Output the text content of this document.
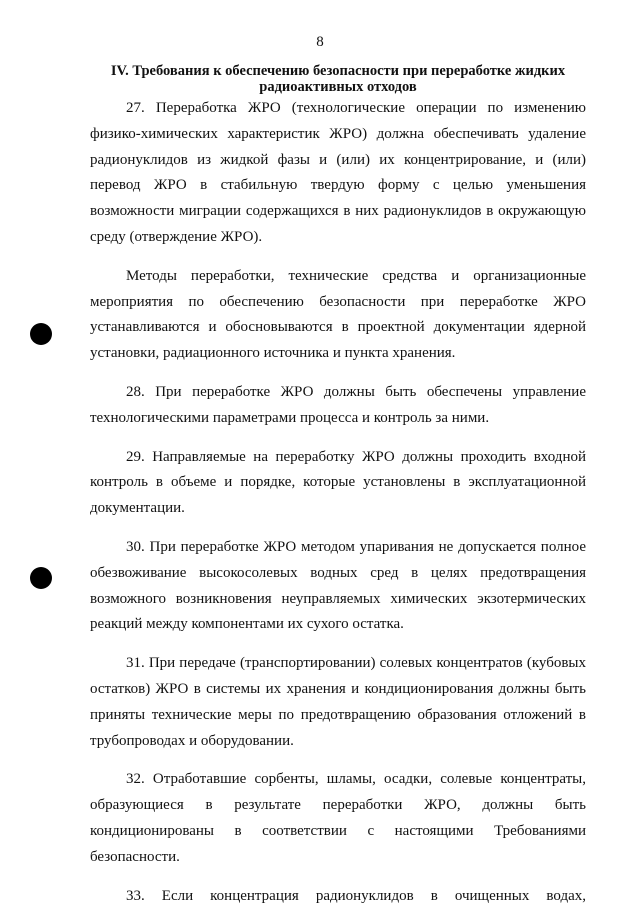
8
IV. Требования к обеспечению безопасности при переработке жидких радиоактивных отходов

27. Переработка ЖРО (технологические операции по изменению физико-химических характеристик ЖРО) должна обеспечивать удаление радионуклидов из жидкой фазы и (или) их концентрирование, и (или) перевод ЖРО в стабильную твердую форму с целью уменьшения возможности миграции содержащихся в них радионуклидов в окружающую среду (отверждение ЖРО).

Методы переработки, технические средства и организационные мероприятия по обеспечению безопасности при переработке ЖРО устанавливаются и обосновываются в проектной документации ядерной установки, радиационного источника и пункта хранения.

28. При переработке ЖРО должны быть обеспечены управление технологическими параметрами процесса и контроль за ними.

29. Направляемые на переработку ЖРО должны проходить входной контроль в объеме и порядке, которые установлены в эксплуатационной документации.

30. При переработке ЖРО методом упаривания не допускается полное обезвоживание высокосолевых водных сред в целях предотвращения возможного возникновения неуправляемых химических экзотермических реакций между компонентами их сухого остатка.

31. При передаче (транспортировании) солевых концентратов (кубовых остатков) ЖРО в системы их хранения и кондиционирования должны быть приняты технические меры по предотвращению образования отложений в трубопроводах и оборудовании.

32. Отработавшие сорбенты, шламы, осадки, солевые концентраты, образующиеся в результате переработки ЖРО, должны быть кондиционированы в соответствии с настоящими Требованиями безопасности.

33. Если концентрация радионуклидов в очищенных водах,
